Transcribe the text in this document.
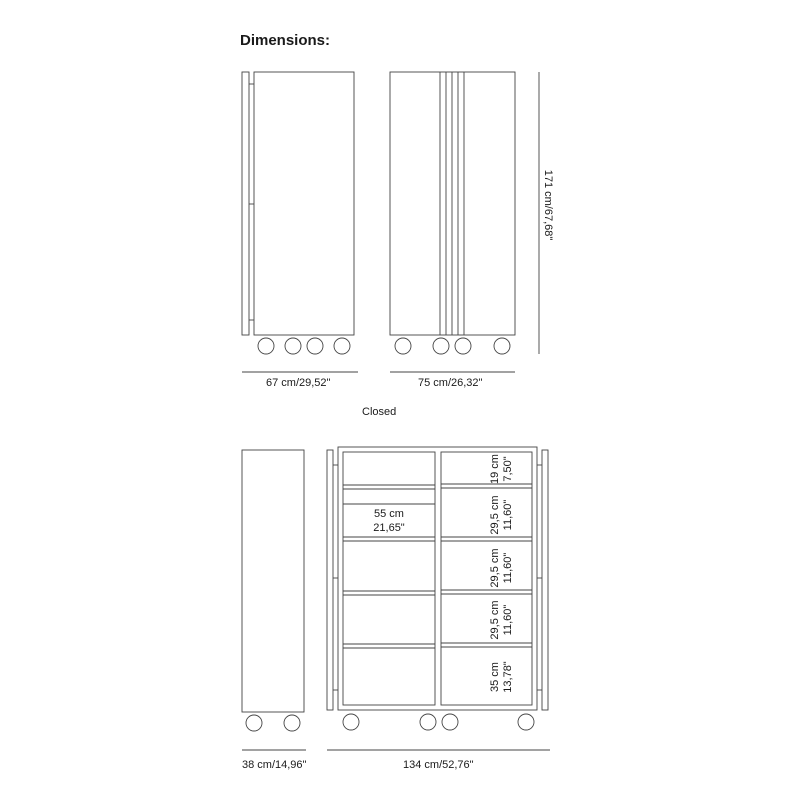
Dimensions:
171 cm/67,68"
55 cm
21,65"
19 cm 7,50"
29,5 cm 11,60"
29,5 cm 11,60"
29,5 cm 11,60"
35 cm 13,78"
67 cm/29,52"	75 cm/26,32"
Closed
38 cm/14,96"	134 cm/52,76"
